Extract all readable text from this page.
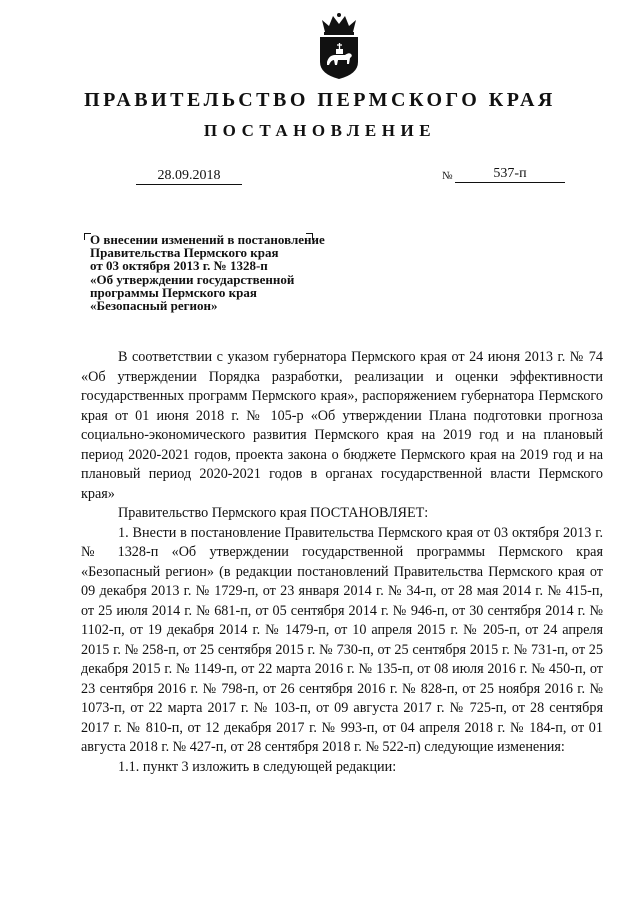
ПРАВИТЕЛЬСТВО ПЕРМСКОГО КРАЯ
ПОСТАНОВЛЕНИЕ
28.09.2018	№	537-п
О внесении изменений в постановление
Правительства Пермского края
от 03 октября 2013 г. № 1328-п
«Об утверждении государственной
программы Пермского края
«Безопасный регион»

В соответствии с указом губернатора Пермского края от 24 июня 2013 г. № 74 «Об утверждении Порядка разработки, реализации и оценки эффективности государственных программ Пермского края», распоряжением губернатора Пермского края от 01 июня 2018 г. № 105-р «Об утверждении Плана подготовки прогноза социально-экономического развития Пермского края на 2019 год и на плановый период 2020-2021 годов, проекта закона о бюджете Пермского края на 2019 год и на плановый период 2020-2021 годов в органах государственной власти Пермского края»

Правительство Пермского края ПОСТАНОВЛЯЕТ:

1. Внести в постановление Правительства Пермского края от 03 октября 2013 г. № 1328-п «Об утверждении государственной программы Пермского края «Безопасный регион» (в редакции постановлений Правительства Пермского края от 09 декабря 2013 г. № 1729-п, от 23 января 2014 г. № 34-п, от 28 мая 2014 г. № 415-п, от 25 июля 2014 г. № 681-п, от 05 сентября 2014 г. № 946-п, от 30 сентября 2014 г. № 1102-п, от 19 декабря 2014 г. № 1479-п, от 10 апреля 2015 г. № 205-п, от 24 апреля 2015 г. № 258-п, от 25 сентября 2015 г. № 730-п, от 25 сентября 2015 г. № 731-п, от 25 декабря 2015 г. № 1149-п, от 22 марта 2016 г. № 135-п, от 08 июля 2016 г. № 450-п, от 23 сентября 2016 г. № 798-п, от 26 сентября 2016 г. № 828-п, от 25 ноября 2016 г. № 1073-п, от 22 марта 2017 г. № 103-п, от 09 августа 2017 г. № 725-п, от 28 сентября 2017 г. № 810-п, от 12 декабря 2017 г. № 993-п, от 04 апреля 2018 г. № 184-п, от 01 августа 2018 г. № 427-п, от 28 сентября 2018 г. № 522-п) следующие изменения:

1.1. пункт 3 изложить в следующей редакции:
